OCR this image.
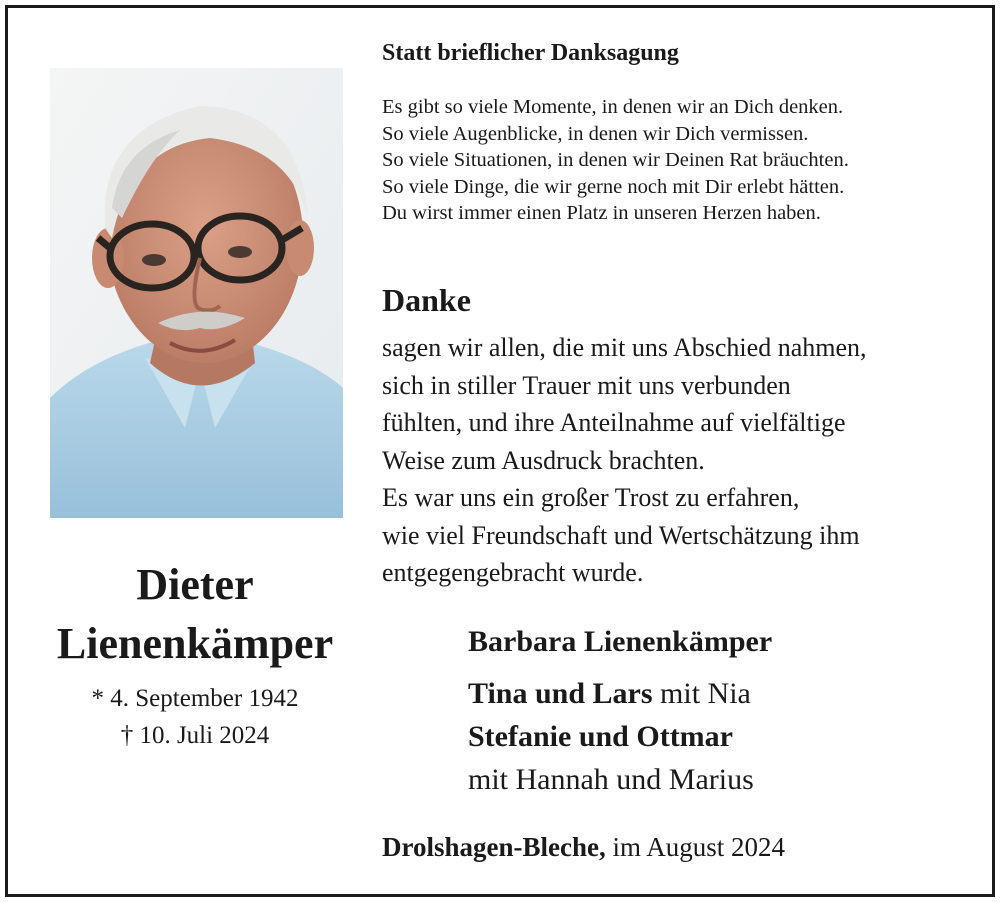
Dieter
Lienenkämper
* 4. September 1942
† 10. Juli 2024
Statt brieflicher Danksagung
Es gibt so viele Momente, in denen wir an Dich denken.
So viele Augenblicke, in denen wir Dich vermissen.
So viele Situationen, in denen wir Deinen Rat bräuchten.
So viele Dinge, die wir gerne noch mit Dir erlebt hätten.
Du wirst immer einen Platz in unseren Herzen haben.
Danke
sagen wir allen, die mit uns Abschied nahmen,
sich in stiller Trauer mit uns verbunden
fühlten, und ihre Anteilnahme auf vielfältige
Weise zum Ausdruck brachten.
Es war uns ein großer Trost zu erfahren,
wie viel Freundschaft und Wertschätzung ihm
entgegengebracht wurde.
Barbara Lienenkämper
Tina und Lars mit Nia
Stefanie und Ottmar
mit Hannah und Marius
Drolshagen-Bleche, im August 2024
